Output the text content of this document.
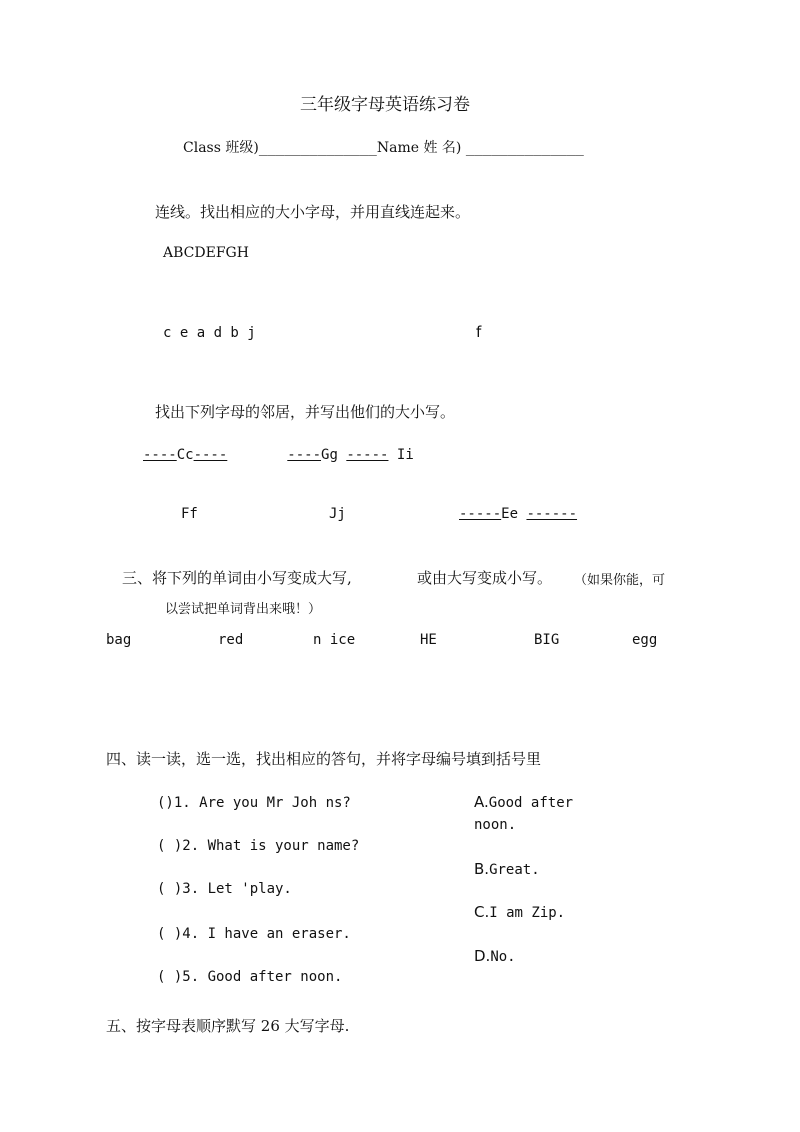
三年级字母英语练习卷
Class 班级)______________Name 姓 名) ______________
连线。找出相应的大小字母，并用直线连起来。
ABCDEFGH
c e a d b j	f
找出下列字母的邻居，并写出他们的大小写。
----Cc----	----Gg ----- Ii
Ff	Jj	-----Ee ------
三、将下列的单词由小写变成大写,	或由大写变成小写。 （如果你能，可
以尝试把单词背出来哦！）
bag	red	n ice	HE	BIG	egg
四、读一读，选一选，找出相应的答句，并将字母编号填到括号里
()1. Are you Mr Joh ns?
( )2. What is your name?
( )3. Let 'play.
( )4. I have an eraser.
( )5. Good after noon.
A.Good after
noon.
B.Great.
C.I am Zip.
D.No.
五、按字母表顺序默写 26 大写字母.
